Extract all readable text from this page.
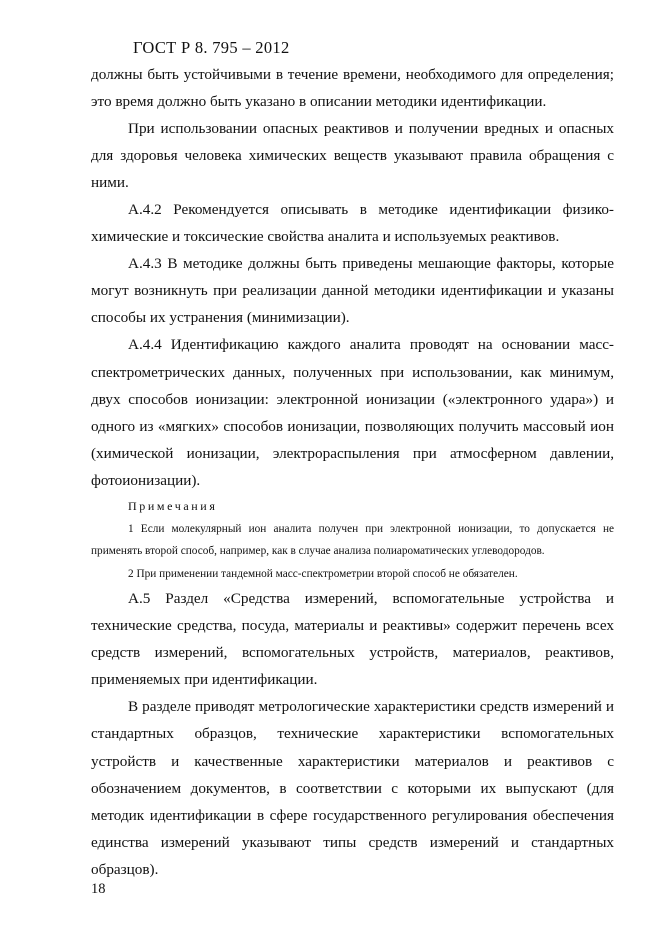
ГОСТ Р 8. 795 – 2012

должны быть устойчивыми в течение времени, необходимого для определения; это время должно быть указано в описании методики идентификации.

При использовании опасных реактивов и получении вредных и опасных для здоровья человека химических веществ указывают правила обращения с ними.

А.4.2 Рекомендуется описывать в методике идентификации физико-химические и токсические свойства аналита и используемых реактивов.

А.4.3 В методике должны быть приведены мешающие факторы, которые могут возникнуть при реализации данной методики идентификации и указаны способы их устранения (минимизации).

А.4.4 Идентификацию каждого аналита проводят на основании масс-спектрометрических данных, полученных при использовании, как минимум, двух способов ионизации: электронной ионизации («электронного удара») и одного из «мягких» способов ионизации, позволяющих получить массовый ион (химической ионизации, электрораспыления при атмосферном давлении, фотоионизации).

Примечания

1 Если молекулярный ион аналита получен при электронной ионизации, то допускается не применять второй способ, например, как в случае анализа полиароматических углеводородов.

2 При применении тандемной масс-спектрометрии второй способ не обязателен.

А.5 Раздел «Средства измерений, вспомогательные устройства и технические средства, посуда, материалы и реактивы» содержит перечень всех средств измерений, вспомогательных устройств, материалов, реактивов, применяемых при идентификации.

В разделе приводят метрологические характеристики средств измерений и стандартных образцов, технические характеристики вспомогательных устройств и качественные характеристики материалов и реактивов с обозначением документов, в соответствии с которыми их выпускают (для методик идентификации в сфере государственного регулирования обеспечения единства измерений указывают типы средств измерений и стандартных образцов).

18
